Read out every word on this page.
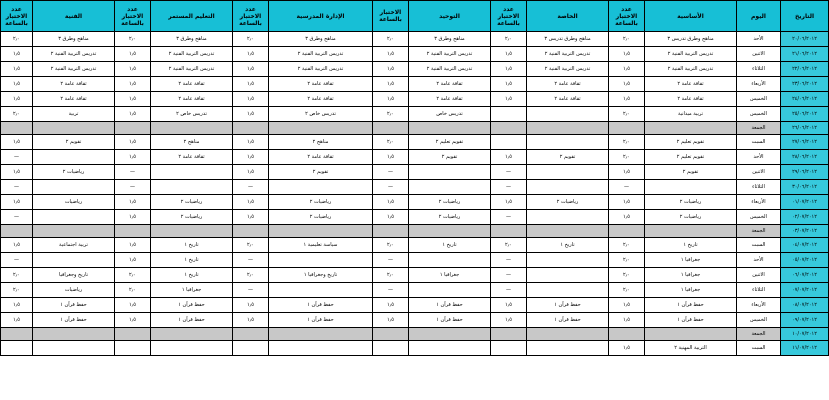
التاريخ	اليوم	الأساسية	عدد الاختبار بالساعة	الخاصة	عدد الاختبار بالساعة	التوحيد	الاختبار بالساعة	الإدارة المدرسية	عدد الاختبار بالساعة	التعليم المستمر	عدد الاختبار بالساعة	الفنية	عدد الاختبار بالساعة
٢٠/٠٦/٢٠١٢	الأحد	مناهج وطرق تدريس ٣	٢٫٠	مناهج وطرق تدريس ٣	٢٫٠	مناهج وطرق ٣	٢٫٠	مناهج وطرق ٣	٢٫٠	مناهج وطرق ٣	٢٫٠	مناهج وطرق ٣	٢٫٠
٢١/٠٦/٢٠١٢	الاثنين	تدريس التربية الفنية ٢	١٫٥	تدريس التربية الفنية ٢	١٫٥	تدريس التربية الفنية ٢	١٫٥	تدريس التربية الفنية ٢	١٫٥	تدريس التربية الفنية ٢	١٫٥	تدريس التربية الفنية ٢	١٫٥
٢٢/٠٦/٢٠١٢	الثلاثاء	تدريس التربية الفنية ٢	١٫٥	تدريس التربية الفنية ٢	١٫٥	تدريس التربية الفنية ٢	١٫٥	تدريس التربية الفنية ٢	١٫٥	تدريس التربية الفنية ٢	١٫٥	تدريس التربية الفنية ٢	١٫٥
٢٣/٠٦/٢٠١٢	الأربعاء	ثقافة عامة ٢	١٫٥	ثقافة عامة ٢	١٫٥	ثقافة عامة ٢	١٫٥	ثقافة عامة ٢	١٫٥	ثقافة عامة ٢	١٫٥	ثقافة عامة ٢	١٫٥
٢٤/٠٦/٢٠١٢	الخميس	ثقافة عامة ٢	١٫٥	ثقافة عامة ٢	١٫٥	ثقافة عامة ٢	١٫٥	ثقافة عامة ٢	١٫٥	ثقافة عامة ٢	١٫٥	ثقافة عامة ٢	١٫٥
٢٥/٠٦/٢٠١٢	الخميس	تربية ميدانية	٢٫٠			تدريس خاص	٢٫٠	تدريس خاص ٢	١٫٥	تدريس خاص ٢	١٫٥	تربية	٢٫٠
٢٦/٠٦/٢٠١٢	الجمعة												
٢٧/٠٦/٢٠١٢	السبت	تقويم تعليم ٢	٢٫٠			تقويم تعليم ٢	٢٫٠	مناهج ٢	١٫٥	مناهج ٢	١٫٥	تقويم ٢	١٫٥
٢٨/٠٦/٢٠١٢	الأحد	تقويم تعليم ٢	٢٫٠	تقويم ٢	١٫٥	تقويم ٢	١٫٥	ثقافة عامة ٢	١٫٥	ثقافة عامة ٢	١٫٥		—
٢٩/٠٦/٢٠١٢	الاثنين	تقويم ٢	١٫٥		—		—	تقويم ٢	١٫٥		—	رياضيات ٢	١٫٥
٣٠/٠٦/٢٠١٢	الثلاثاء		—		—		—		—		—		—
٠١/٠٧/٢٠١٢	الأربعاء	رياضيات ٢	١٫٥	رياضيات ٢	١٫٥	رياضيات ٢	١٫٥	رياضيات ٢	١٫٥	رياضيات ٢	١٫٥	رياضيات	١٫٥
٠٢/٠٧/٢٠١٢	الخميس	رياضيات ٢	١٫٥		—	رياضيات ٢	١٫٥	رياضيات ٢	١٫٥	رياضيات ٢	١٫٥		—
٠٣/٠٧/٢٠١٢	الجمعة												
٠٤/٠٧/٢٠١٢	السبت	تاريخ ١	٢٫٠	تاريخ ١	٢٫٠	تاريخ ١	٢٫٠	سياسة تعليمية ١	٢٫٠	تاريخ ١	١٫٥	تربية اجتماعية	١٫٥
٠٥/٠٧/٢٠١٢	الأحد	جغرافيا ١	٢٫٠		—		—		—	تاريخ ١	١٫٥		—
٠٦/٠٧/٢٠١٢	الاثنين	جغرافيا ١	٢٫٠		—	جغرافيا ١	٢٫٠	تاريخ وجغرافيا ١	٢٫٠	تاريخ ١	٢٫٠	تاريخ وجغرافيا	٢٫٠
٠٧/٠٧/٢٠١٢	الثلاثاء	جغرافيا ١	٢٫٠		—		—		—	جغرافيا ١	٢٫٠	رياضيات	٢٫٠
٠٨/٠٧/٢٠١٢	الأربعاء	حفظ قرآن ١	١٫٥	حفظ قرآن ١	١٫٥	حفظ قرآن ١	١٫٥	حفظ قرآن ١	١٫٥	حفظ قرآن ١	١٫٥	حفظ قرآن ١	١٫٥
٠٩/٠٧/٢٠١٢	الخميس	حفظ قرآن ١	١٫٥	حفظ قرآن ١	١٫٥	حفظ قرآن ١	١٫٥	حفظ قرآن ١	١٫٥	حفظ قرآن ١	١٫٥	حفظ قرآن ١	١٫٥
١٠/٠٧/٢٠١٢	الجمعة												
١١/٠٧/٢٠١٢	السبت	التربية المهنية ٢	١٫٥										
